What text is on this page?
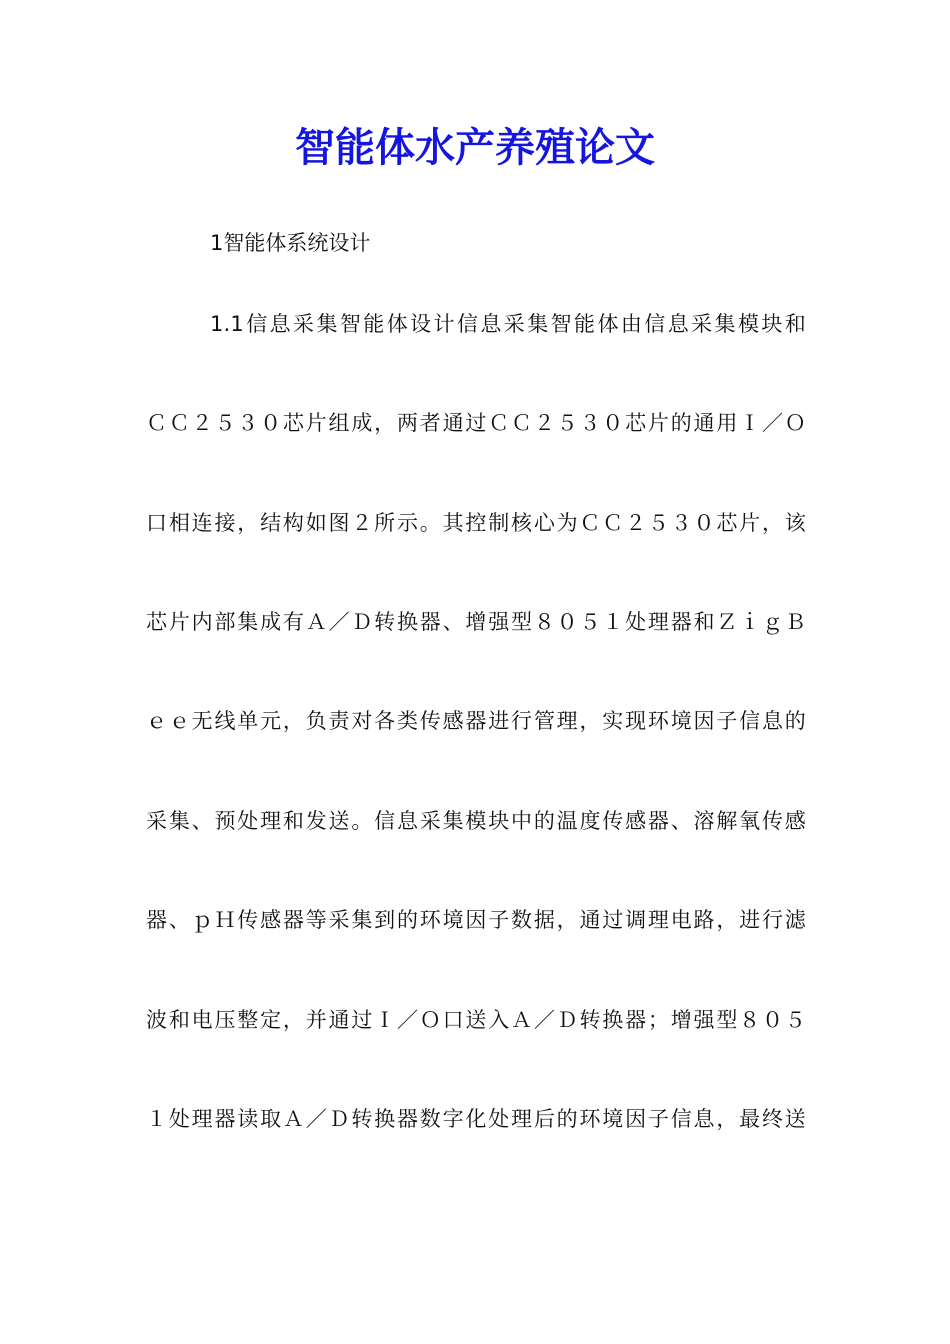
智能体水产养殖论文

1智能体系统设计

1.1信息采集智能体设计信息采集智能体由信息采集模块和

ＣＣ２５３０芯片组成，两者通过ＣＣ２５３０芯片的通用Ｉ／Ｏ

口相连接，结构如图２所示。其控制核心为ＣＣ２５３０芯片，该

芯片内部集成有Ａ／Ｄ转换器、增强型８０５１处理器和ＺｉｇＢ

ｅｅ无线单元，负责对各类传感器进行管理，实现环境因子信息的

采集、预处理和发送。信息采集模块中的温度传感器、溶解氧传感

器、ｐＨ传感器等采集到的环境因子数据，通过调理电路，进行滤

波和电压整定，并通过Ｉ／Ｏ口送入Ａ／Ｄ转换器；增强型８０５

１处理器读取Ａ／Ｄ转换器数字化处理后的环境因子信息，最终送
